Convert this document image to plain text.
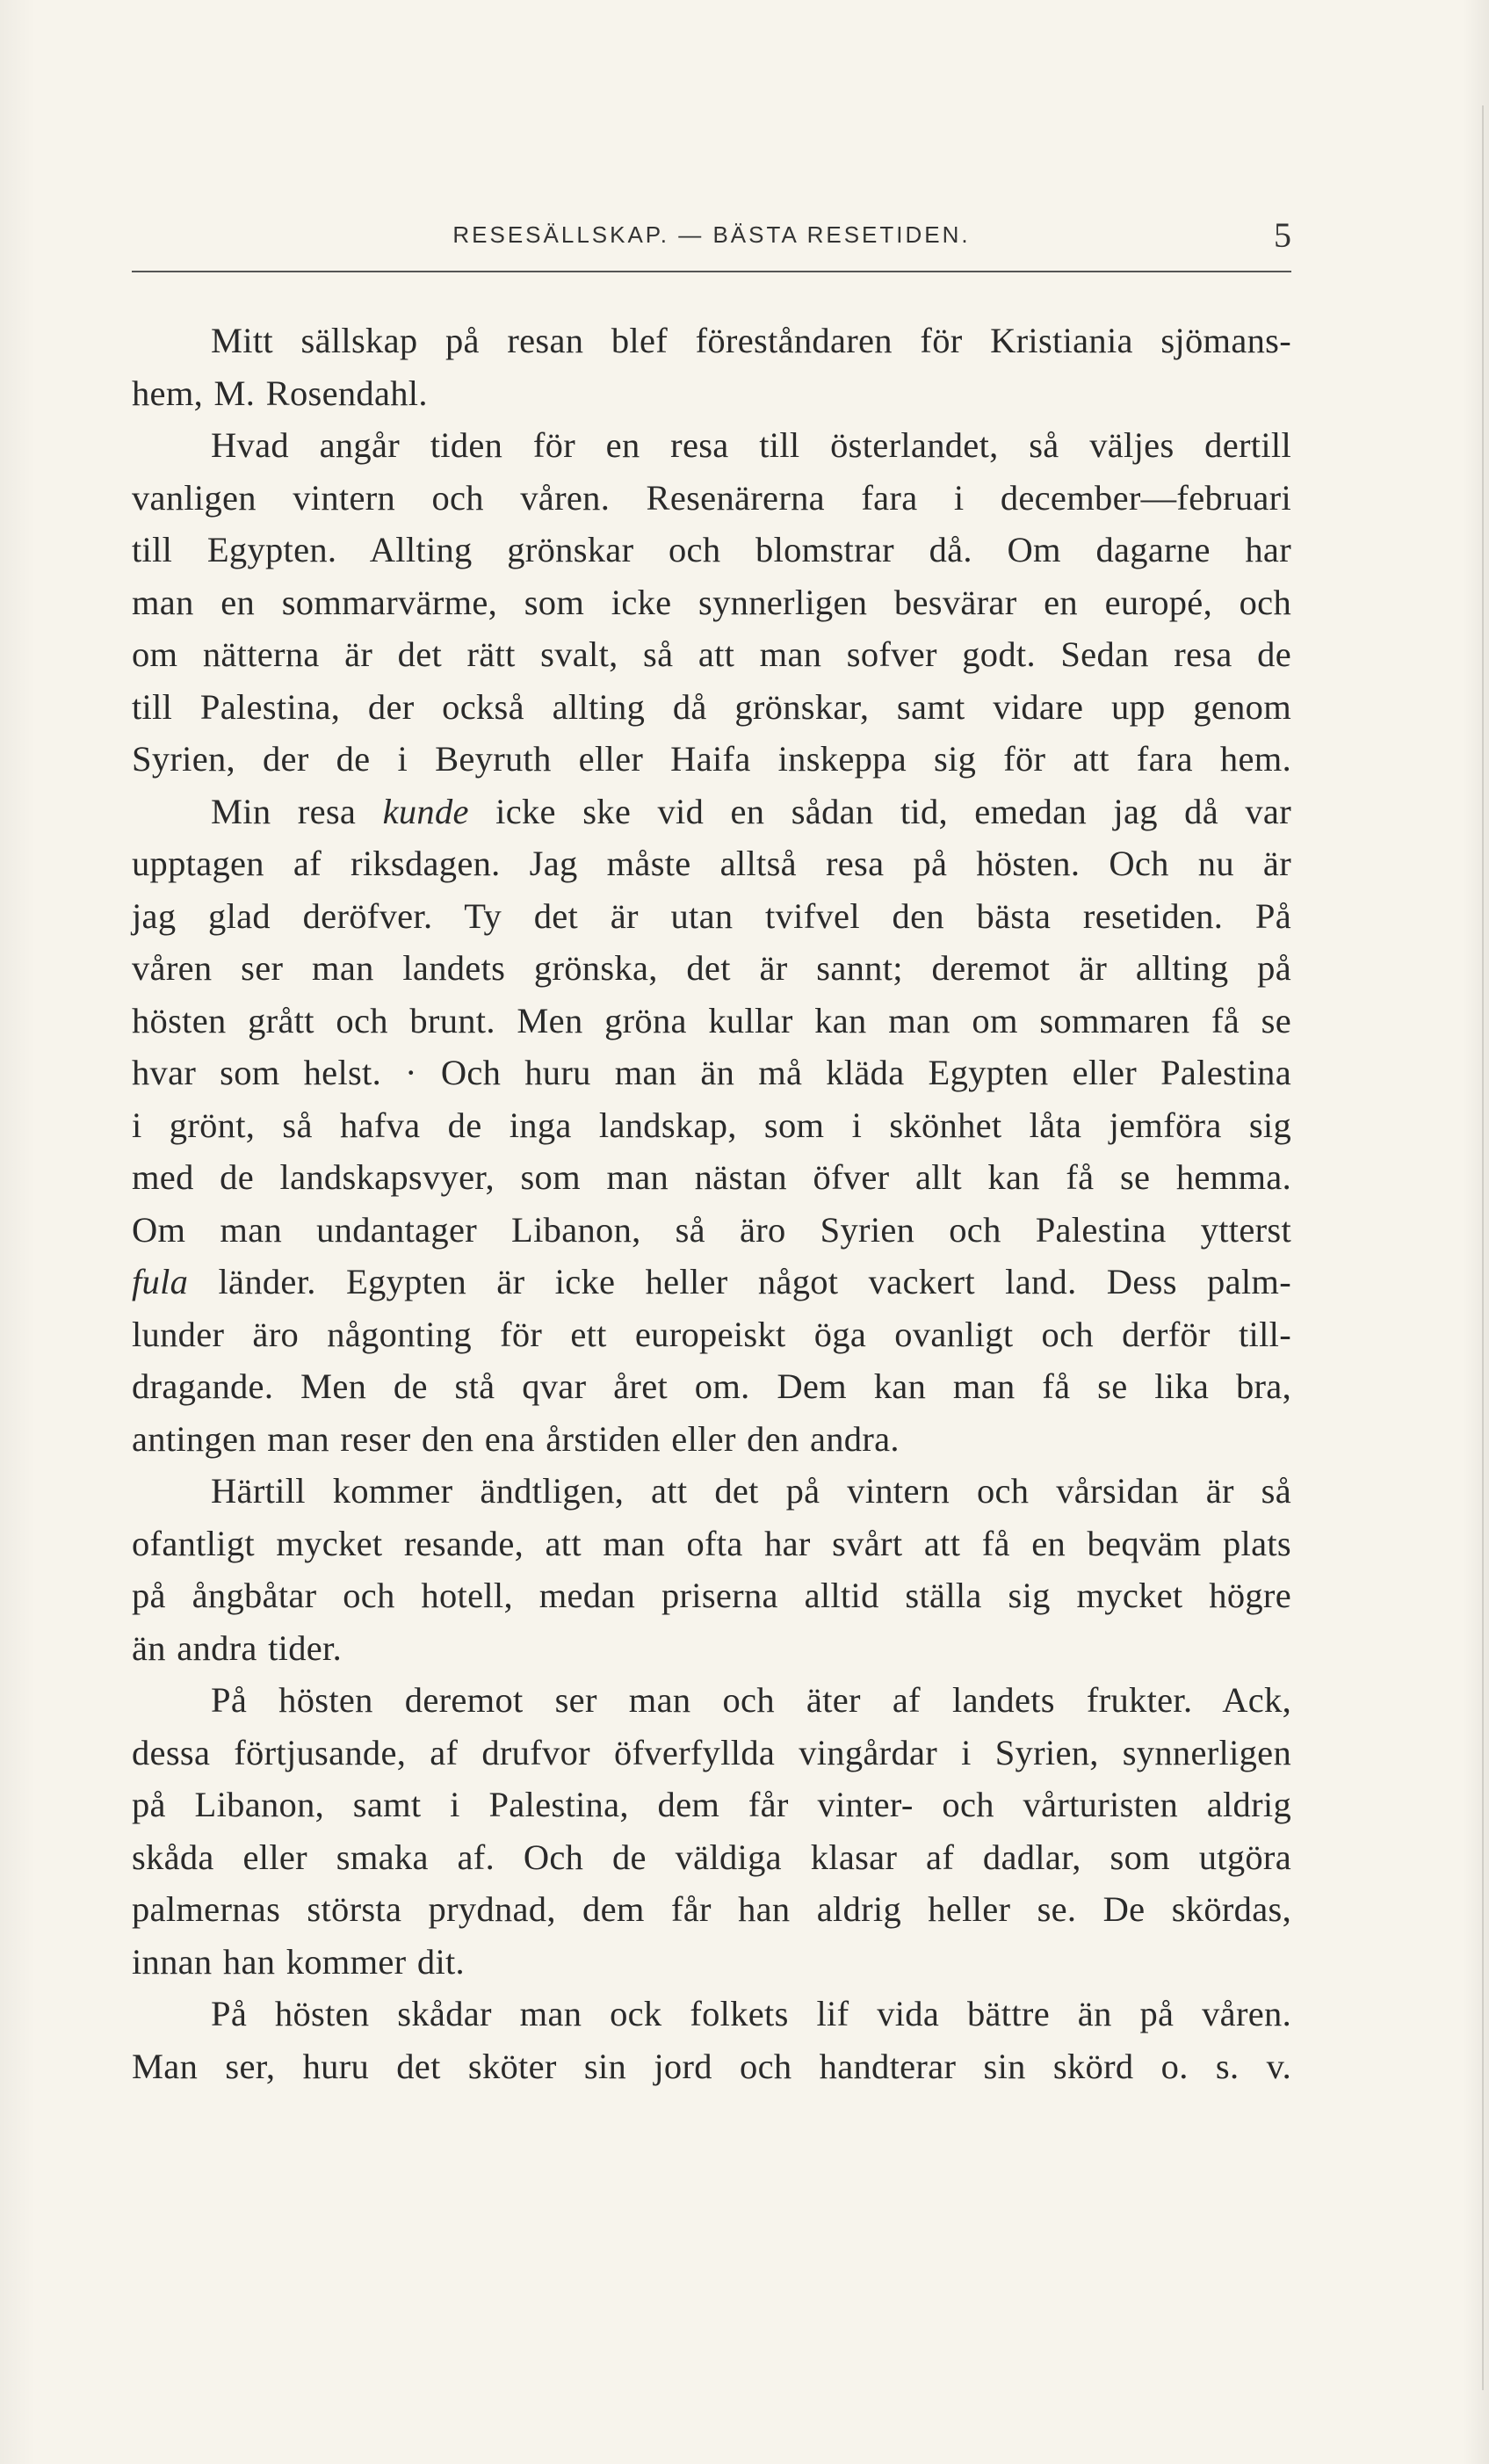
RESESÄLLSKAP. — BÄSTA RESETIDEN.	5

Mitt sällskap på resan blef föreståndaren för Kristiania sjömans-

hem, M. Rosendahl.

Hvad angår tiden för en resa till österlandet, så väljes dertill

vanligen vintern och våren. Resenärerna fara i december—februari

till Egypten. Allting grönskar och blomstrar då. Om dagarne har

man en sommarvärme, som icke synnerligen besvärar en europé, och

om nätterna är det rätt svalt, så att man sofver godt. Sedan resa de

till Palestina, der också allting då grönskar, samt vidare upp genom

Syrien, der de i Beyruth eller Haifa inskeppa sig för att fara hem.

Min resa kunde icke ske vid en sådan tid, emedan jag då var

upptagen af riksdagen. Jag måste alltså resa på hösten. Och nu är

jag glad deröfver. Ty det är utan tvifvel den bästa resetiden. På

våren ser man landets grönska, det är sannt; deremot är allting på

hösten grått och brunt. Men gröna kullar kan man om sommaren få se

hvar som helst. · Och huru man än må kläda Egypten eller Palestina

i grönt, så hafva de inga landskap, som i skönhet låta jemföra sig

med de landskapsvyer, som man nästan öfver allt kan få se hemma.

Om man undantager Libanon, så äro Syrien och Palestina ytterst

fula länder. Egypten är icke heller något vackert land. Dess palm-

lunder äro någonting för ett europeiskt öga ovanligt och derför till-

dragande. Men de stå qvar året om. Dem kan man få se lika bra,

antingen man reser den ena årstiden eller den andra.

Härtill kommer ändtligen, att det på vintern och vårsidan är så

ofantligt mycket resande, att man ofta har svårt att få en beqväm plats

på ångbåtar och hotell, medan priserna alltid ställa sig mycket högre

än andra tider.

På hösten deremot ser man och äter af landets frukter. Ack,

dessa förtjusande, af drufvor öfverfyllda vingårdar i Syrien, synnerligen

på Libanon, samt i Palestina, dem får vinter- och vårturisten aldrig

skåda eller smaka af. Och de väldiga klasar af dadlar, som utgöra

palmernas största prydnad, dem får han aldrig heller se. De skördas,

innan han kommer dit.

På hösten skådar man ock folkets lif vida bättre än på våren.

Man ser, huru det sköter sin jord och handterar sin skörd o. s. v.
